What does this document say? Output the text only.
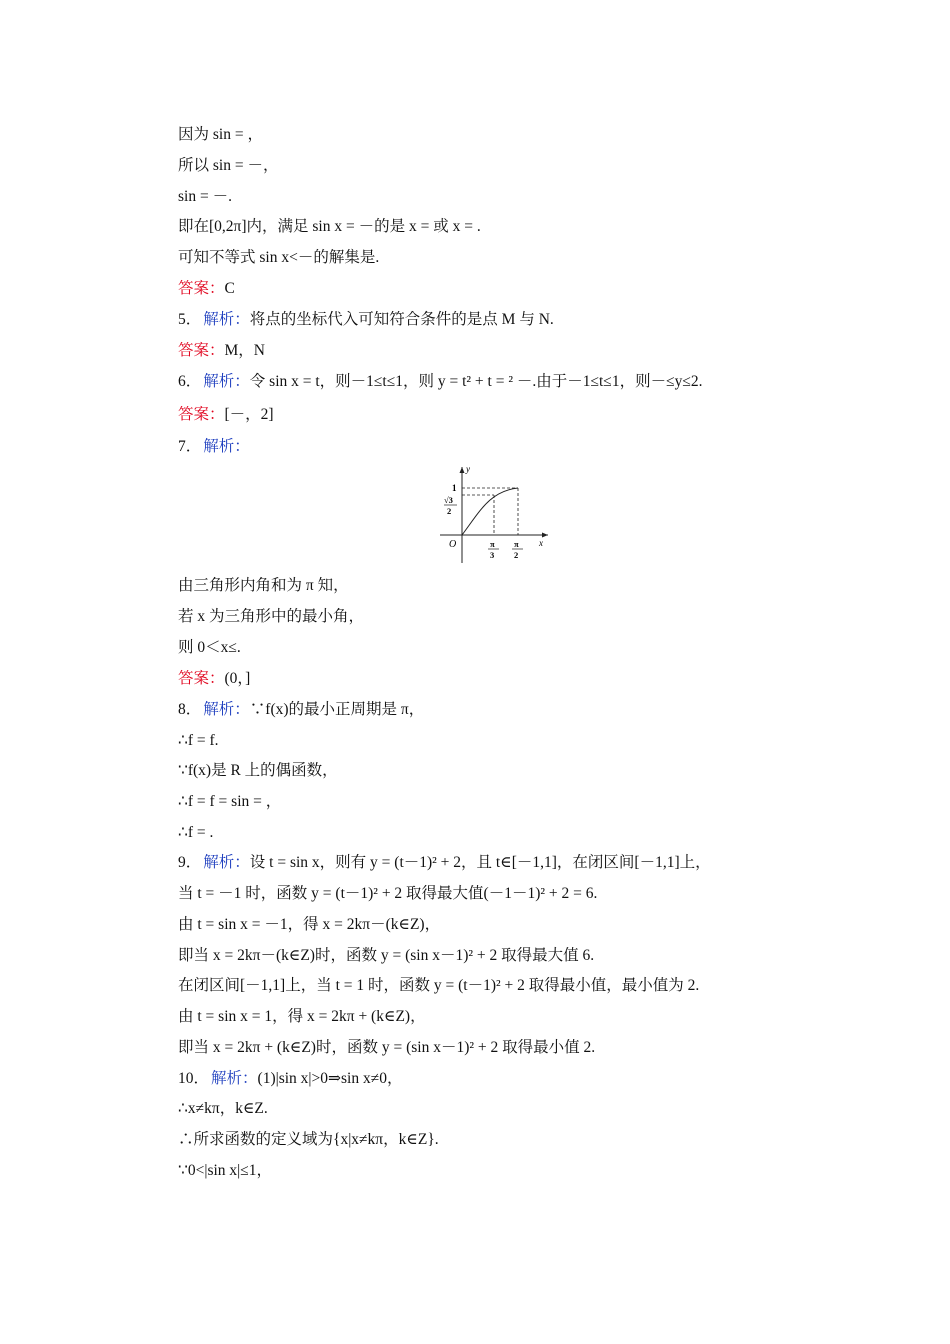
因为 sin = ，
所以 sin = －，
sin = －.
即在[0,2π]内，满足 sin x = －的是 x = 或 x = .
可知不等式 sin x<－的解集是.
答案：C
5． 解析：将点的坐标代入可知符合条件的是点 M 与 N.
答案：M，N
6． 解析：令 sin x = t，则－1≤t≤1，则 y = t² + t = ² －.由于－1≤t≤1，则－≤y≤2.
答案：[－，2]
7． 解析：
y
x
O
1
√3
2
π
3
π
2
由三角形内角和为 π 知，
若 x 为三角形中的最小角，
则 0＜x≤.
答案：(0，]
8． 解析：∵f(x)的最小正周期是 π，
∴f = f.
∵f(x)是 R 上的偶函数，
∴f = f = sin = ，
∴f = .
9． 解析：设 t = sin x，则有 y = (t－1)² + 2，且 t∈[－1,1]，在闭区间[－1,1]上，
当 t = －1 时，函数 y = (t－1)² + 2 取得最大值(－1－1)² + 2 = 6.
由 t = sin x = －1，得 x = 2kπ－(k∈Z)，
即当 x = 2kπ－(k∈Z)时，函数 y = (sin x－1)² + 2 取得最大值 6.
在闭区间[－1,1]上，当 t = 1 时，函数 y = (t－1)² + 2 取得最小值，最小值为 2.
由 t = sin x = 1，得 x = 2kπ + (k∈Z)，
即当 x = 2kπ + (k∈Z)时，函数 y = (sin x－1)² + 2 取得最小值 2.
10． 解析：(1)|sin x|>0⇒sin x≠0，
∴x≠kπ，k∈Z.
∴所求函数的定义域为{x|x≠kπ，k∈Z}.
∵0<|sin x|≤1，
